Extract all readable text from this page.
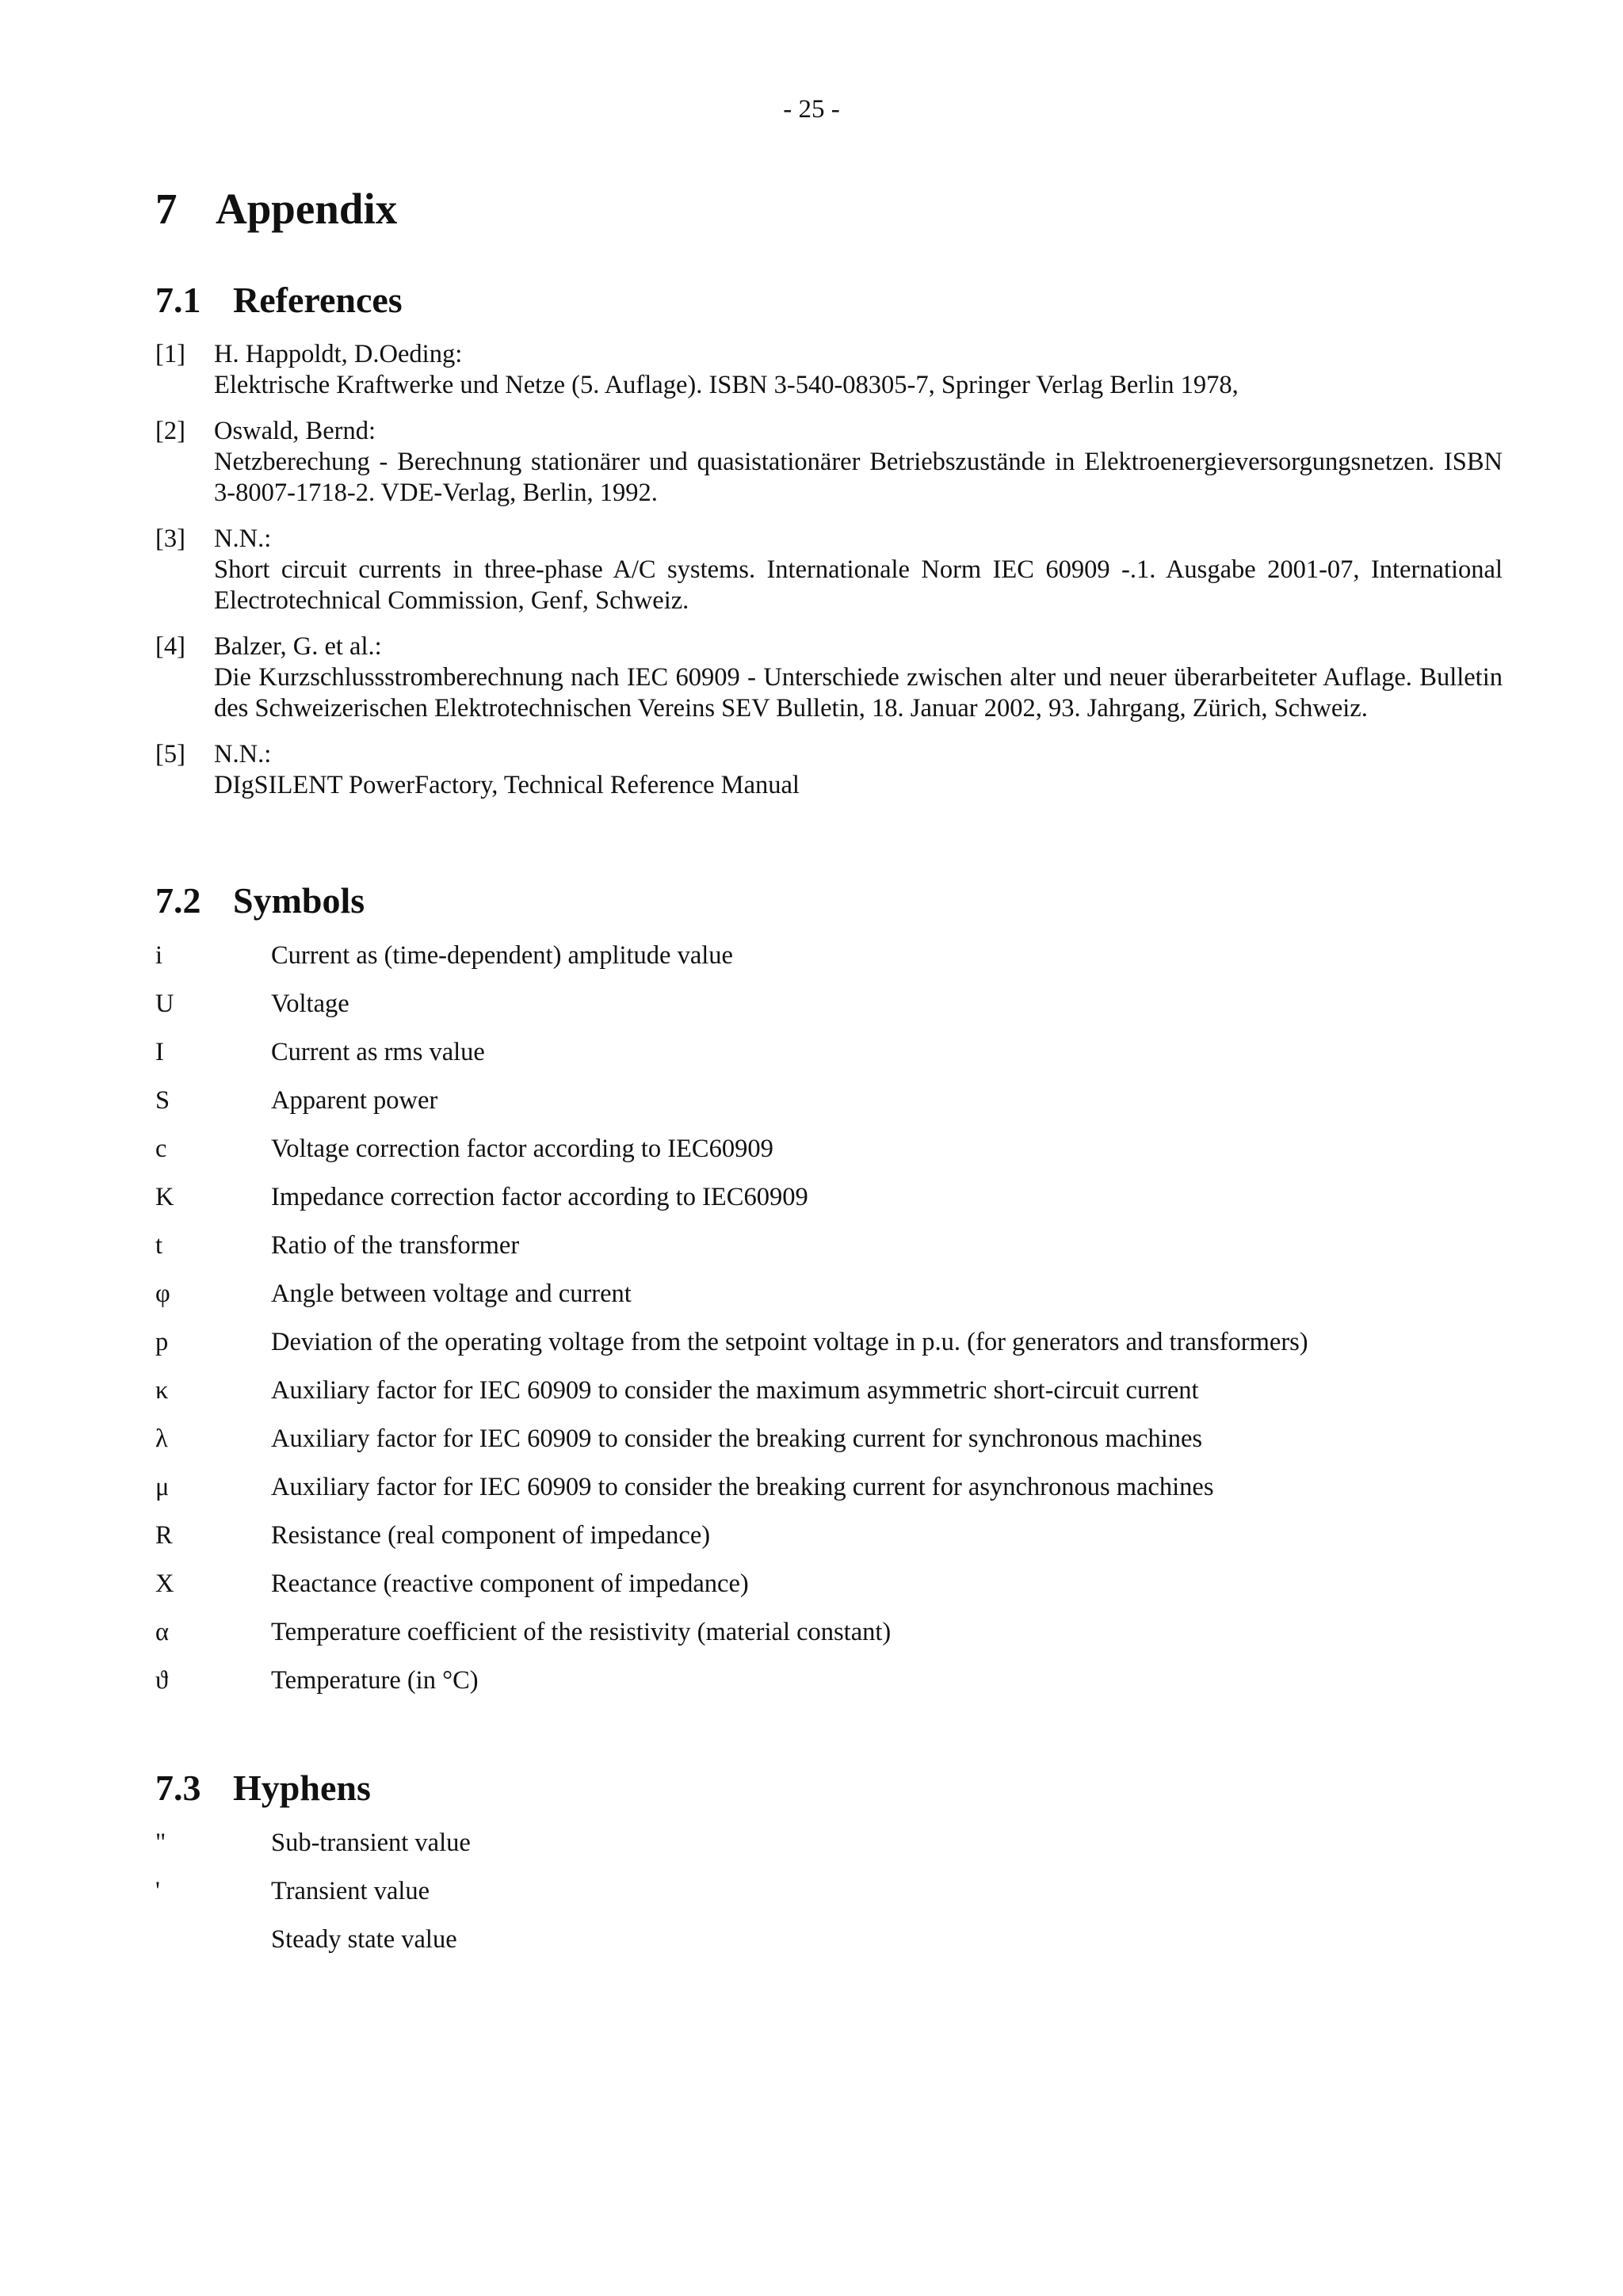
- 25 -
7 Appendix
7.1 References
[1] H. Happoldt, D.Oeding:
Elektrische Kraftwerke und Netze (5. Auflage). ISBN 3-540-08305-7, Springer Verlag Berlin 1978,
[2] Oswald, Bernd:
Netzberechung - Berechnung stationärer und quasistationärer Betriebszustände in Elektroenergieversorgungsnetzen. ISBN 3-8007-1718-2. VDE-Verlag, Berlin, 1992.
[3] N.N.:
Short circuit currents in three-phase A/C systems. Internationale Norm IEC 60909 -.1. Ausgabe 2001-07, International Electrotechnical Commission, Genf, Schweiz.
[4] Balzer, G. et al.:
Die Kurzschlussstromberechnung nach IEC 60909 - Unterschiede zwischen alter und neuer überarbeiteter Auflage. Bulletin des Schweizerischen Elektrotechnischen Vereins SEV Bulletin, 18. Januar 2002, 93. Jahrgang, Zürich, Schweiz.
[5] N.N.:
DIgSILENT PowerFactory, Technical Reference Manual
7.2 Symbols
i	Current as (time-dependent) amplitude value
U	Voltage
I	Current as rms value
S	Apparent power
c	Voltage correction factor according to IEC60909
K	Impedance correction factor according to IEC60909
t	Ratio of the transformer
φ	Angle between voltage and current
p	Deviation of the operating voltage from the setpoint voltage in p.u. (for generators and transformers)
κ	Auxiliary factor for IEC 60909 to consider the maximum asymmetric short-circuit current
λ	Auxiliary factor for IEC 60909 to consider the breaking current for synchronous machines
μ	Auxiliary factor for IEC 60909 to consider the breaking current for asynchronous machines
R	Resistance (real component of impedance)
X	Reactance (reactive component of impedance)
α	Temperature coefficient of the resistivity (material constant)
ϑ	Temperature (in °C)
7.3 Hyphens
"	Sub-transient value
'	Transient value
Steady state value
